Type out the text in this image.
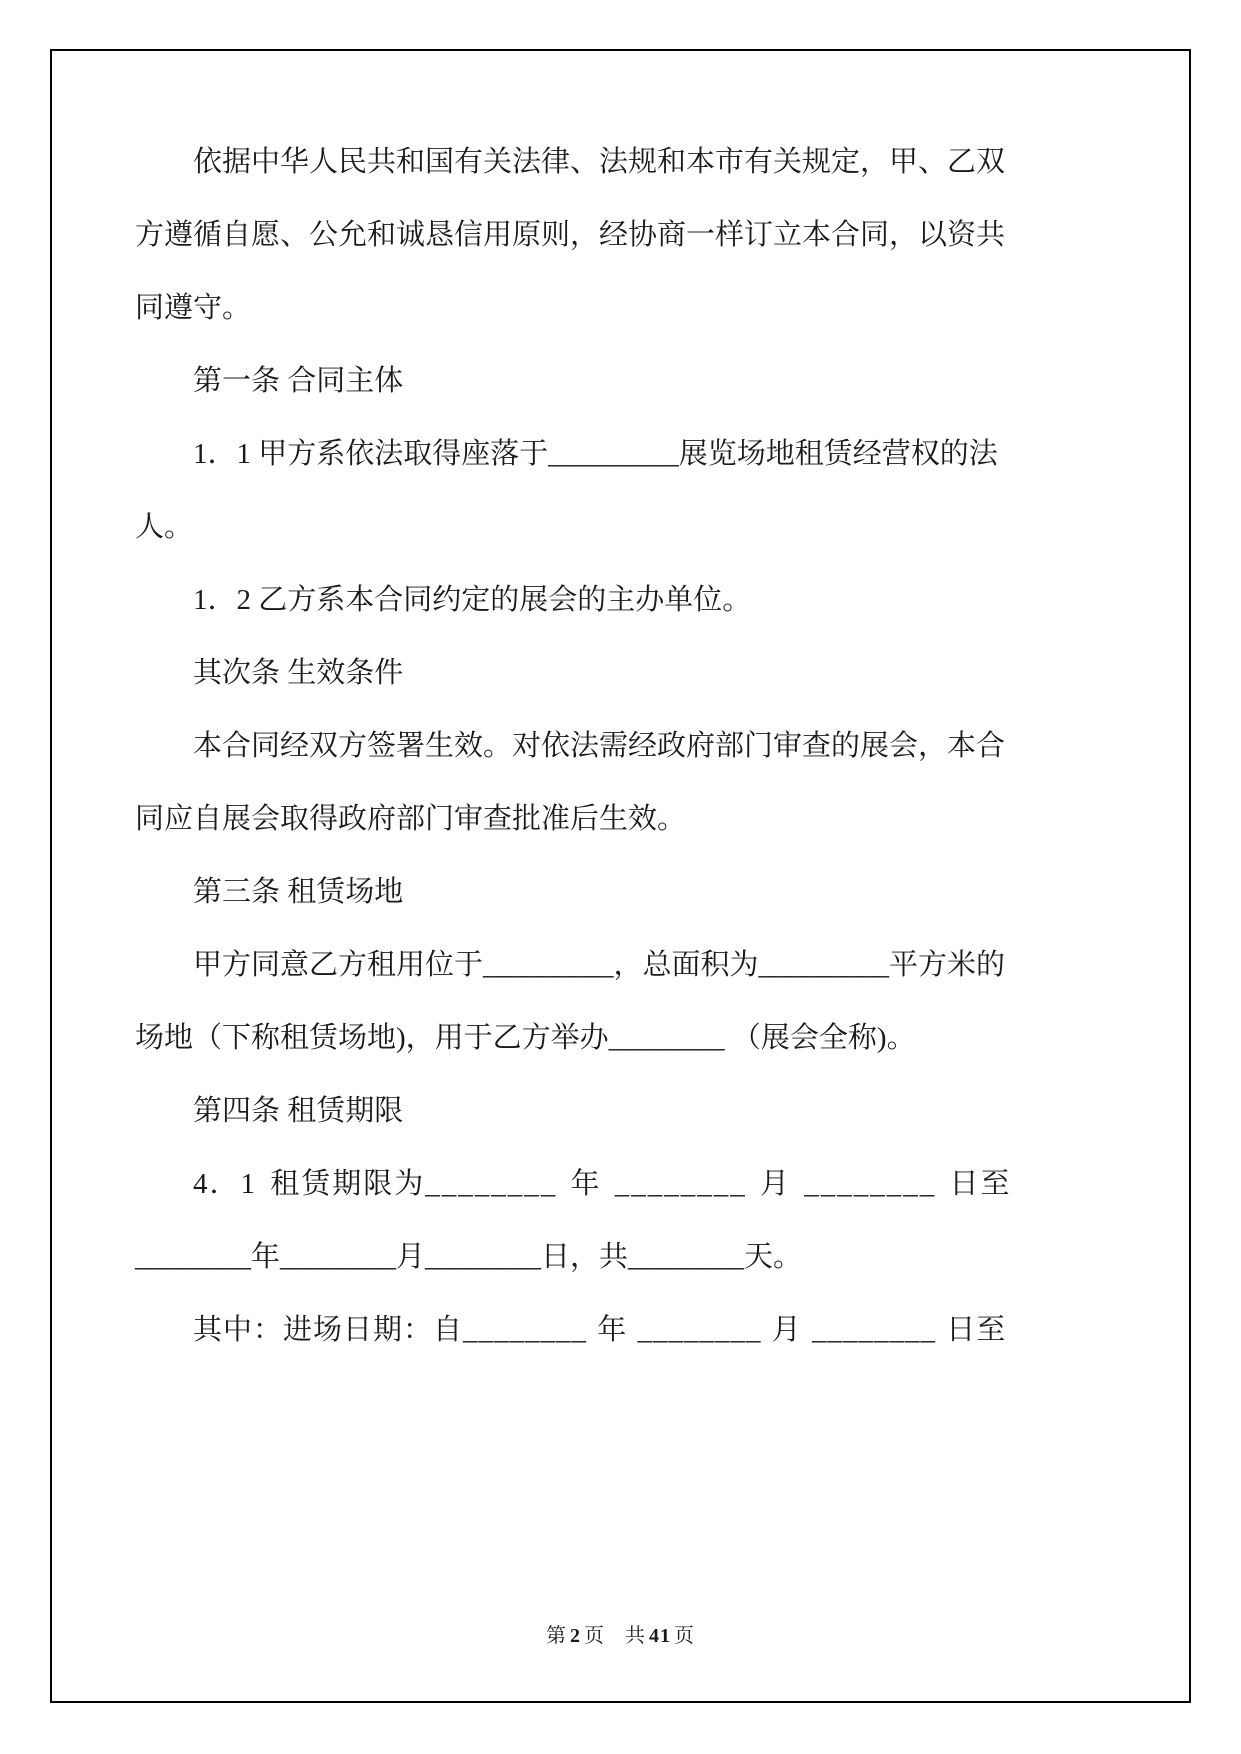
依据中华人民共和国有关法律、法规和本市有关规定，甲、乙双
方遵循自愿、公允和诚恳信用原则，经协商一样订立本合同，以资共
同遵守。
第一条 合同主体
1．1 甲方系依法取得座落于_________展览场地租赁经营权的法
人。
1．2 乙方系本合同约定的展会的主办单位。
其次条 生效条件
本合同经双方签署生效。对依法需经政府部门审查的展会，本合
同应自展会取得政府部门审查批准后生效。
第三条 租赁场地
甲方同意乙方租用位于_________，总面积为_________平方米的
场地（下称租赁场地)，用于乙方举办________ （展会全称)。
第四条 租赁期限
4．1 租赁期限为________ 年 ________ 月 ________ 日至
________年________月________日，共________天。
其中：进场日期：自________ 年 ________ 月 ________ 日至
第 2 页 共 41 页
